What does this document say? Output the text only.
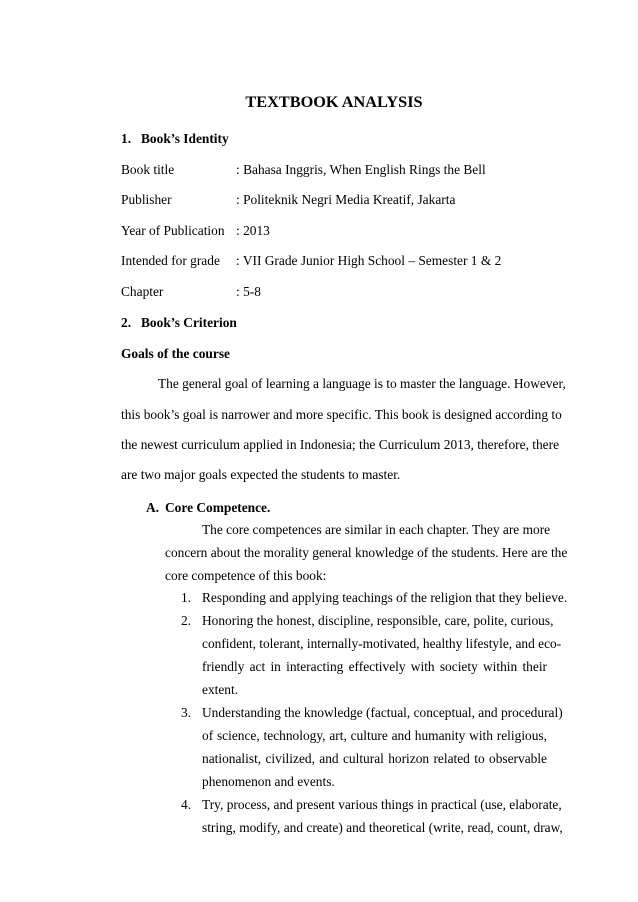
TEXTBOOK ANALYSIS
1. Book’s Identity
Book title	: Bahasa Inggris, When English Rings the Bell
Publisher	: Politeknik Negri Media Kreatif, Jakarta
Year of Publication : 2013
Intended for grade : VII Grade Junior High School – Semester 1 & 2
Chapter	: 5-8
2. Book’s Criterion
Goals of the course
The general goal of learning a language is to master the language. However,
this book’s goal is narrower and more specific. This book is designed according to
the newest curriculum applied in Indonesia; the Curriculum 2013, therefore, there
are two major goals expected the students to master.
A. Core Competence.
The core competences are similar in each chapter. They are more
concern about the morality general knowledge of the students. Here are the
core competence of this book:
1. Responding and applying teachings of the religion that they believe.
2. Honoring the honest, discipline, responsible, care, polite, curious,
confident, tolerant, internally-motivated, healthy lifestyle, and eco-
friendly act in interacting effectively with society within their
extent.
3. Understanding the knowledge (factual, conceptual, and procedural)
of science, technology, art, culture and humanity with religious,
nationalist, civilized, and cultural horizon related to observable
phenomenon and events.
4. Try, process, and present various things in practical (use, elaborate,
string, modify, and create) and theoretical (write, read, count, draw,
